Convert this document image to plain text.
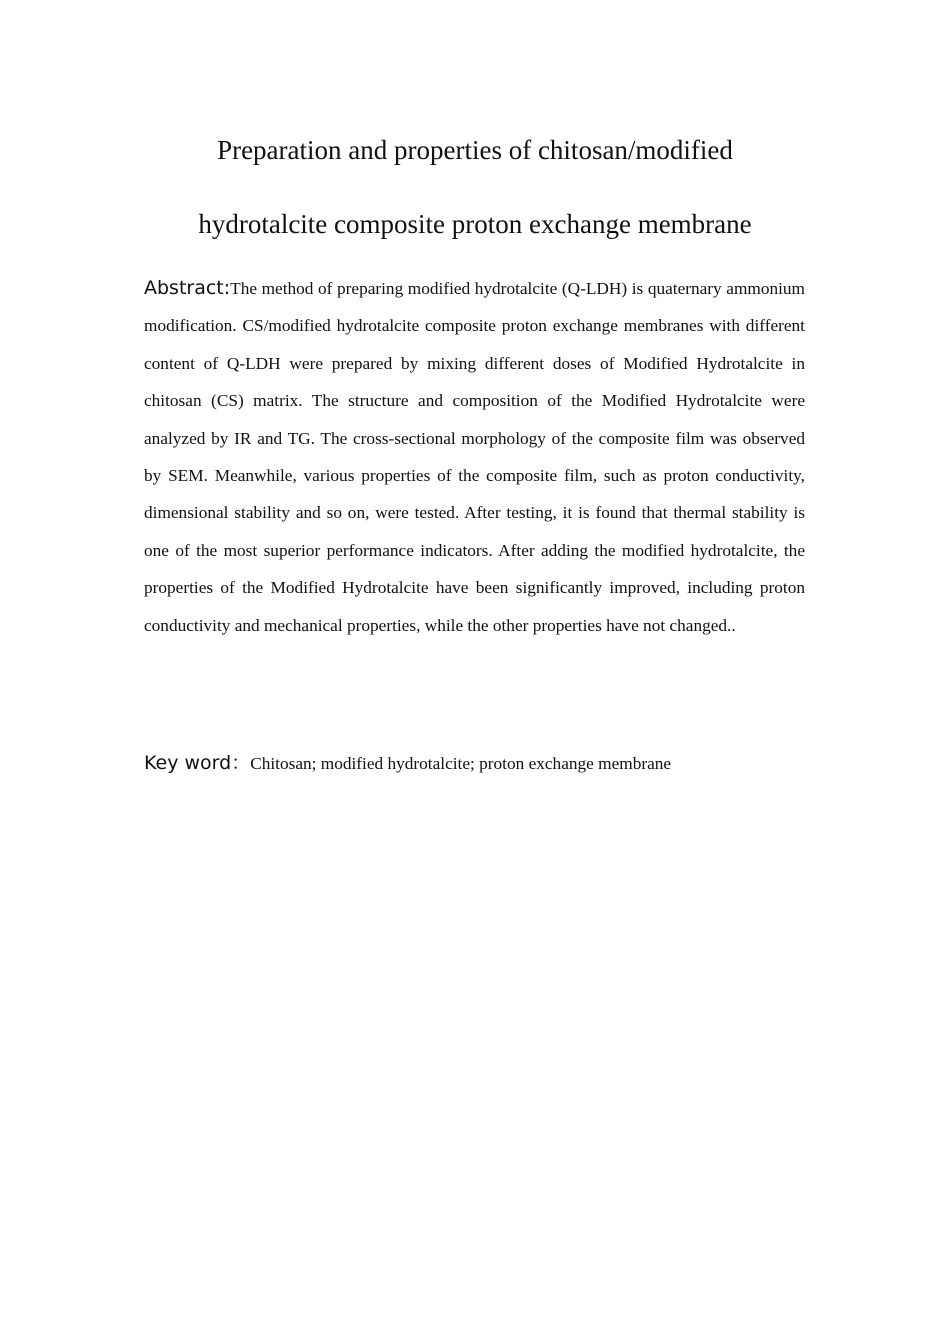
Preparation and properties of chitosan/modified
hydrotalcite composite proton exchange membrane

Abstract:The method of preparing modified hydrotalcite (Q-LDH) is quaternary ammonium modification. CS/modified hydrotalcite composite proton exchange membranes with different content of Q-LDH were prepared by mixing different doses of Modified Hydrotalcite in chitosan (CS) matrix. The structure and composition of the Modified Hydrotalcite were analyzed by IR and TG. The cross-sectional morphology of the composite film was observed by SEM. Meanwhile, various properties of the composite film, such as proton conductivity, dimensional stability and so on, were tested. After testing, it is found that thermal stability is one of the most superior performance indicators. After adding the modified hydrotalcite, the properties of the Modified Hydrotalcite have been significantly improved, including proton conductivity and mechanical properties, while the other properties have not changed..

Key word：Chitosan; modified hydrotalcite; proton exchange membrane
